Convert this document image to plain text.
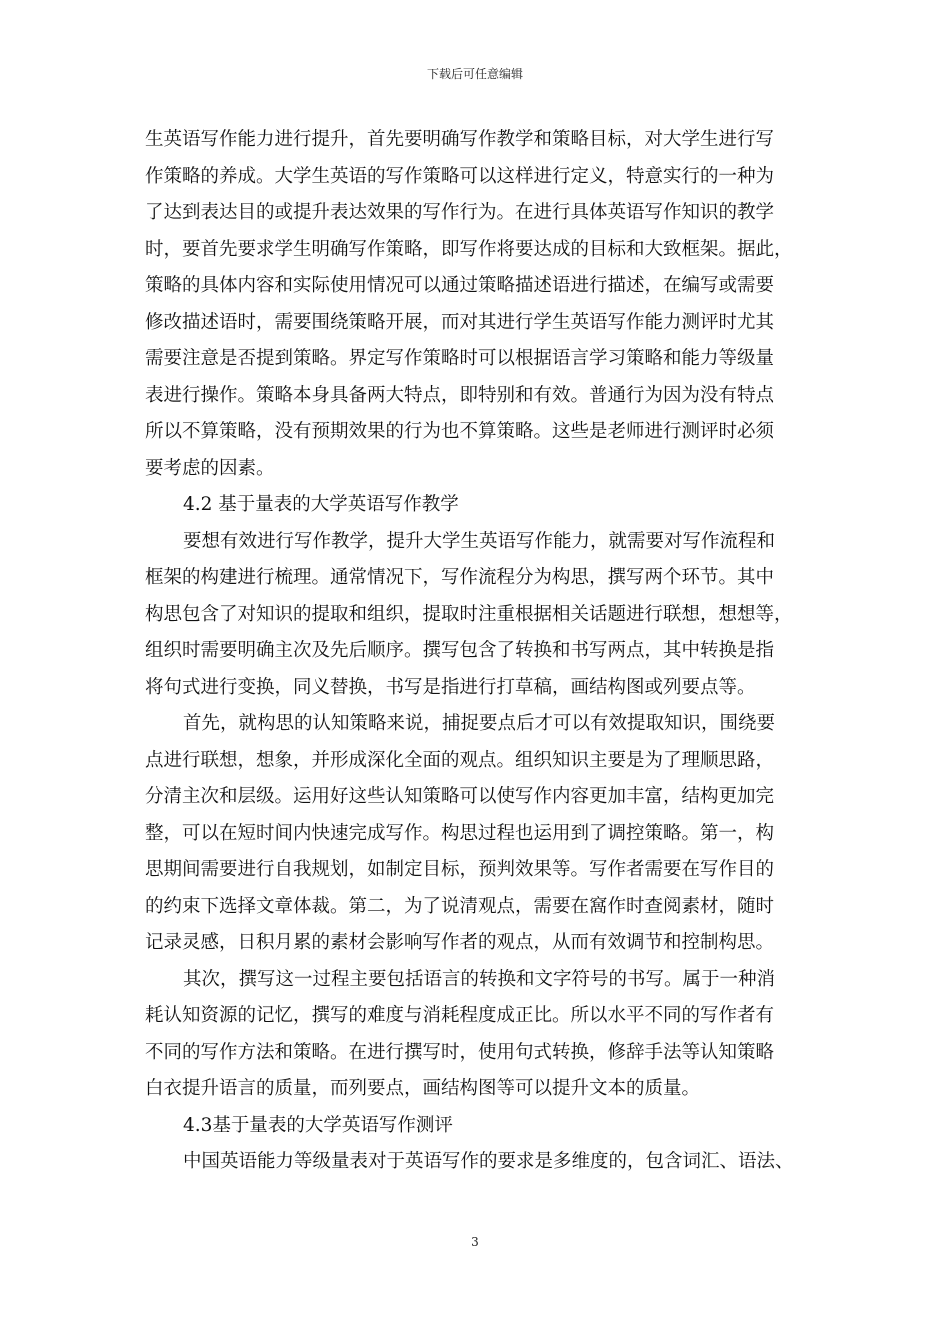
下载后可任意编辑
生英语写作能力进行提升，首先要明确写作教学和策略目标，对大学生进行写
作策略的养成。大学生英语的写作策略可以这样进行定义，特意实行的一种为
了达到表达目的或提升表达效果的写作行为。在进行具体英语写作知识的教学
时，要首先要求学生明确写作策略，即写作将要达成的目标和大致框架。据此，
策略的具体内容和实际使用情况可以通过策略描述语进行描述，在编写或需要
修改描述语时，需要围绕策略开展，而对其进行学生英语写作能力测评时尤其
需要注意是否提到策略。界定写作策略时可以根据语言学习策略和能力等级量
表进行操作。策略本身具备两大特点，即特别和有效。普通行为因为没有特点
所以不算策略，没有预期效果的行为也不算策略。这些是老师进行测评时必须
要考虑的因素。
4.2 基于量表的大学英语写作教学
要想有效进行写作教学，提升大学生英语写作能力，就需要对写作流程和
框架的构建进行梳理。通常情况下，写作流程分为构思，撰写两个环节。其中
构思包含了对知识的提取和组织，提取时注重根据相关话题进行联想，想想等，
组织时需要明确主次及先后顺序。撰写包含了转换和书写两点，其中转换是指
将句式进行变换，同义替换，书写是指进行打草稿，画结构图或列要点等。
首先，就构思的认知策略来说，捕捉要点后才可以有效提取知识，围绕要
点进行联想，想象，并形成深化全面的观点。组织知识主要是为了理顺思路，
分清主次和层级。运用好这些认知策略可以使写作内容更加丰富，结构更加完
整，可以在短时间内快速完成写作。构思过程也运用到了调控策略。第一，构
思期间需要进行自我规划，如制定目标，预判效果等。写作者需要在写作目的
的约束下选择文章体裁。第二，为了说清观点，需要在窩作时查阅素材，随时
记录灵感，日积月累的素材会影响写作者的观点，从而有效调节和控制构思。
其次，撰写这一过程主要包括语言的转换和文字符号的书写。属于一种消
耗认知资源的记忆，撰写的难度与消耗程度成正比。所以水平不同的写作者有
不同的写作方法和策略。在进行撰写时，使用句式转换，修辞手法等认知策略
白衣提升语言的质量，而列要点，画结构图等可以提升文本的质量。
4.3基于量表的大学英语写作测评
中国英语能力等级量表对于英语写作的要求是多维度的，包含词汇、语法、
3
